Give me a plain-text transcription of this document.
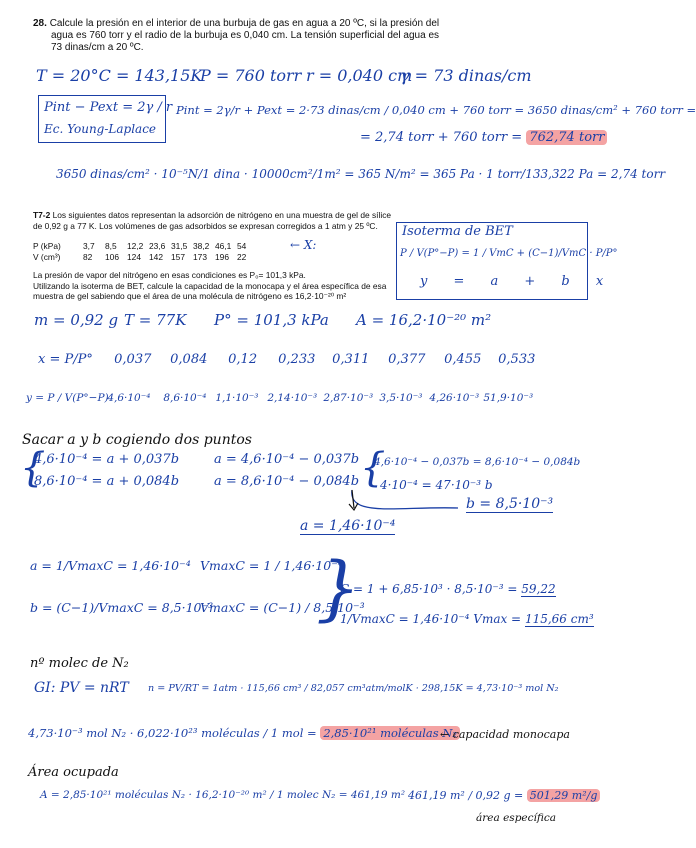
28. Calcule la presión en el interior de una burbuja de gas en agua a 20 ºC, si la presión del
agua es 760 torr y el radio de la burbuja es 0,040 cm. La tensión superficial del agua es
73 dinas/cm a 20 ºC.
T = 20°C = 143,15K
P = 760 torr r = 0,040 cm
γ = 73 dinas/cm
Pint − Pext = 2γ / r
Ec. Young-Laplace
Pint = 2γ/r + Pext = 2·73 dinas/cm / 0,040 cm + 760 torr = 3650 dinas/cm² + 760 torr =
= 2,74 torr + 760 torr = 762,74 torr
3650 dinas/cm² · 10⁻⁵N/1 dina · 10000cm²/1m² = 365 N/m² = 365 Pa · 1 torr/133,322 Pa = 2,74 torr
T7-2 Los siguientes datos representan la adsorción de nitrógeno en una muestra de gel de sílice
de 0,92 g a 77 K. Los volúmenes de gas adsorbidos se expresan corregidos a 1 atm y 25 ºC.
P (kPa)	3,7 8,5 12,2 23,6 31,5 38,2 46,1 54
V (cm³)	82 106 124 142 157 173 196 22
← X:
La presión de vapor del nitrógeno en esas condiciones es P₀= 101,3 kPa.
Utilizando la isoterma de BET, calcule la capacidad de la monocapa y el área específica de esa
muestra de gel sabiendo que el área de una molécula de nitrógeno es 16,2·10⁻²⁰ m²
Isoterma de BET
P / V(P°−P) = 1 / VmC + (C−1)/VmC · P/P°
y = a + b x
m = 0,92 g T = 77K P° = 101,3 kPa A = 16,2·10⁻²⁰ m²
x = P/P° 0,037 0,084 0,12 0,233 0,311 0,377 0,455 0,533
y = P / V(P°−P) 4,6·10⁻⁴ 8,6·10⁻⁴ 1,1·10⁻³ 2,14·10⁻³ 2,87·10⁻³ 3,5·10⁻³ 4,26·10⁻³ 51,9·10⁻³
Sacar a y b cogiendo dos puntos
{
4,6·10⁻⁴ = a + 0,037b
8,6·10⁻⁴ = a + 0,084b
a = 4,6·10⁻⁴ − 0,037b
a = 8,6·10⁻⁴ − 0,084b {
4,6·10⁻⁴ − 0,037b = 8,6·10⁻⁴ − 0,084b
4·10⁻⁴ = 47·10⁻³ b
b = 8,5·10⁻³
a = 1,46·10⁻⁴
a = 1/VmaxC = 1,46·10⁻⁴ VmaxC = 1 / 1,46·10⁻⁴
b = (C−1)/VmaxC = 8,5·10⁻³
VmaxC = (C−1) / 8,5·10⁻³
}
C = 1 + 6,85·10³ · 8,5·10⁻³ = 59,22
1/VmaxC = 1,46·10⁻⁴ Vmax = 115,66 cm³
nº molec de N₂
GI: PV = nRT n = PV/RT = 1atm · 115,66 cm³ / 82,057 cm³atm/molK · 298,15K = 4,73·10⁻³ mol N₂
4,73·10⁻³ mol N₂ · 6,022·10²³ moléculas / 1 mol = 2,85·10²¹ moléculas N₂
← capacidad monocapa
Área ocupada
A = 2,85·10²¹ moléculas N₂ · 16,2·10⁻²⁰ m² / 1 molec N₂ = 461,19 m² 461,19 m² / 0,92 g = 501,29 m²/g
área específica
